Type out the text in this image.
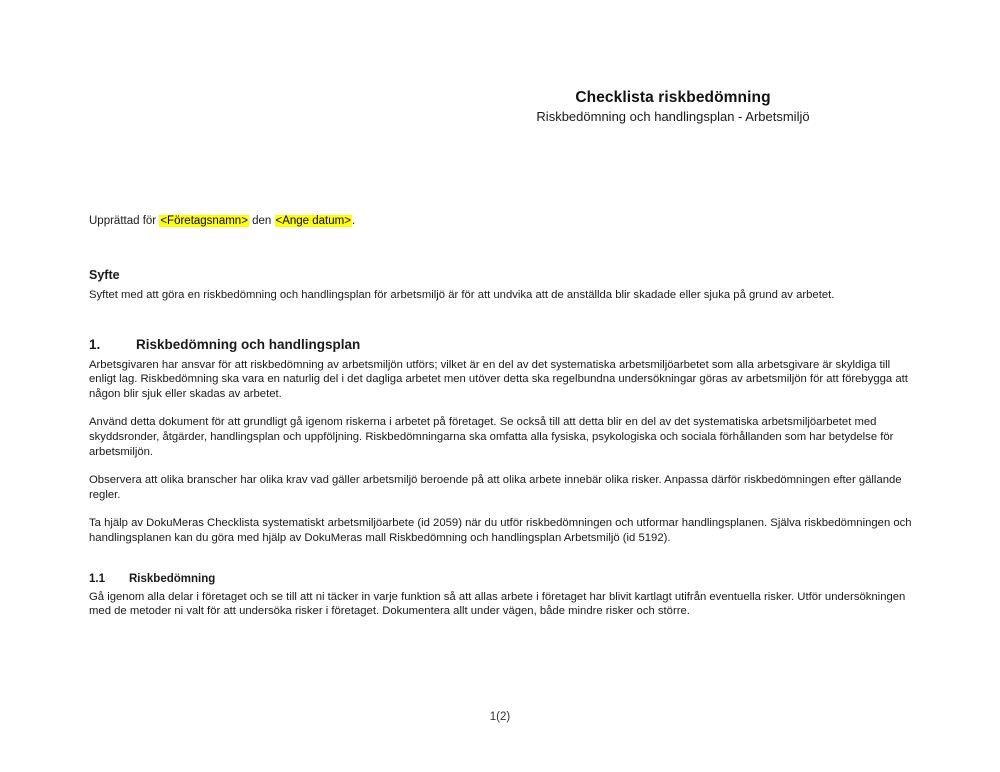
Checklista riskbedömning
Riskbedömning och handlingsplan - Arbetsmiljö

Upprättad för <Företagsnamn> den <Ange datum>.

Syfte

Syftet med att göra en riskbedömning och handlingsplan för arbetsmiljö är för att undvika att de anställda blir skadade eller sjuka på grund av arbetet.

1.	Riskbedömning och handlingsplan

Arbetsgivaren har ansvar för att riskbedömning av arbetsmiljön utförs; vilket är en del av det systematiska arbetsmiljöarbetet som alla arbetsgivare är skyldiga till enligt lag. Riskbedömning ska vara en naturlig del i det dagliga arbetet men utöver detta ska regelbundna undersökningar göras av arbetsmiljön för att förebygga att någon blir sjuk eller skadas av arbetet.

Använd detta dokument för att grundligt gå igenom riskerna i arbetet på företaget. Se också till att detta blir en del av det systematiska arbetsmiljöarbetet med skyddsronder, åtgärder, handlingsplan och uppföljning. Riskbedömningarna ska omfatta alla fysiska, psykologiska och sociala förhållanden som har betydelse för arbetsmiljön.

Observera att olika branscher har olika krav vad gäller arbetsmiljö beroende på att olika arbete innebär olika risker. Anpassa därför riskbedömningen efter gällande regler.

Ta hjälp av DokuMeras Checklista systematiskt arbetsmiljöarbete (id 2059) när du utför riskbedömningen och utformar handlingsplanen. Själva riskbedömningen och handlingsplanen kan du göra med hjälp av DokuMeras mall Riskbedömning och handlingsplan Arbetsmiljö (id 5192).

1.1	Riskbedömning

Gå igenom alla delar i företaget och se till att ni täcker in varje funktion så att allas arbete i företaget har blivit kartlagt utifrån eventuella risker. Utför undersökningen med de metoder ni valt för att undersöka risker i företaget. Dokumentera allt under vägen, både mindre risker och större.

1(2)
